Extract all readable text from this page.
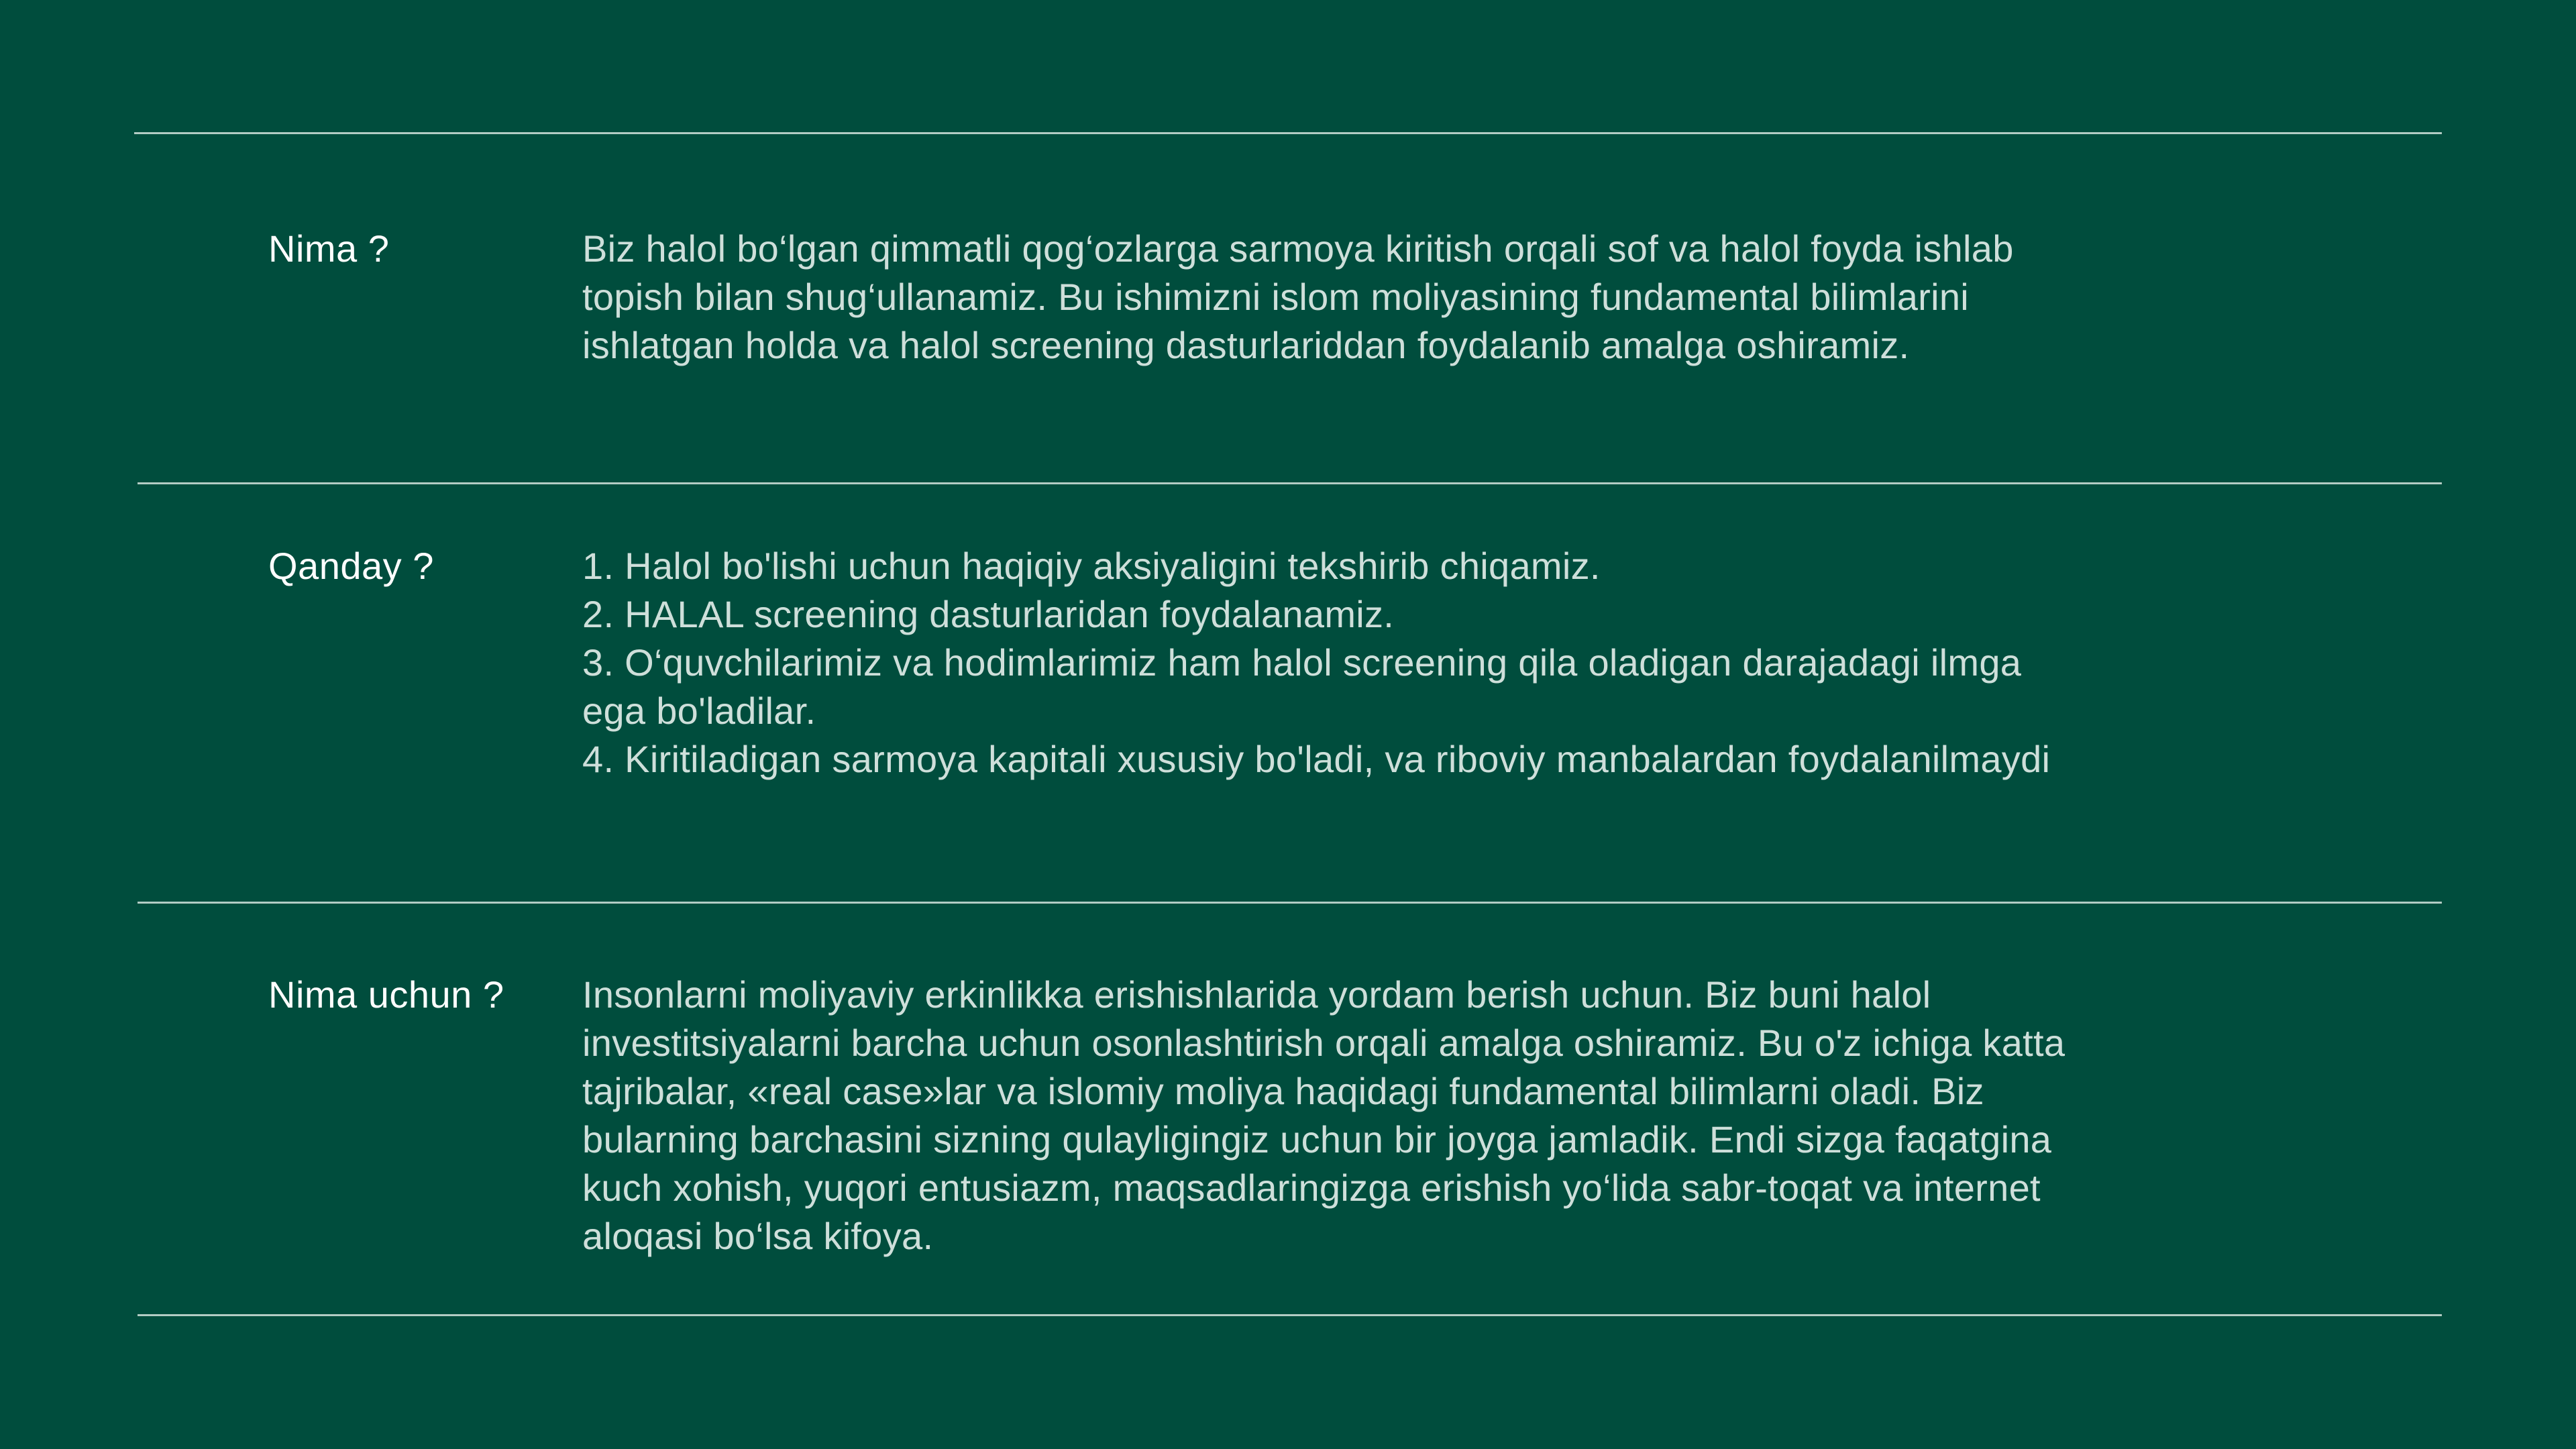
Nima ?	Biz halol bo‘lgan qimmatli qog‘ozlarga sarmoya kiritish orqali sof va halol foyda ishlab
topish bilan shug‘ullanamiz. Bu ishimizni islom moliyasining fundamental bilimlarini
ishlatgan holda va halol screening dasturlariddan foydalanib amalga oshiramiz.
Qanday ?	1. Halol bo'lishi uchun haqiqiy aksiyaligini tekshirib chiqamiz.
2. HALAL screening dasturlaridan foydalanamiz.
3. O‘quvchilarimiz va hodimlarimiz ham halol screening qila oladigan darajadagi ilmga
ega bo'ladilar.
4. Kiritiladigan sarmoya kapitali xususiy bo'ladi, va riboviy manbalardan foydalanilmaydi
Nima uchun ? Insonlarni moliyaviy erkinlikka erishishlarida yordam berish uchun. Biz buni halol
investitsiyalarni barcha uchun osonlashtirish orqali amalga oshiramiz. Bu o'z ichiga katta
tajribalar, «real case»lar va islomiy moliya haqidagi fundamental bilimlarni oladi. Biz
bularning barchasini sizning qulayligingiz uchun bir joyga jamladik. Endi sizga faqatgina
kuch xohish, yuqori entusiazm, maqsadlaringizga erishish yo‘lida sabr-toqat va internet
aloqasi bo‘lsa kifoya.
